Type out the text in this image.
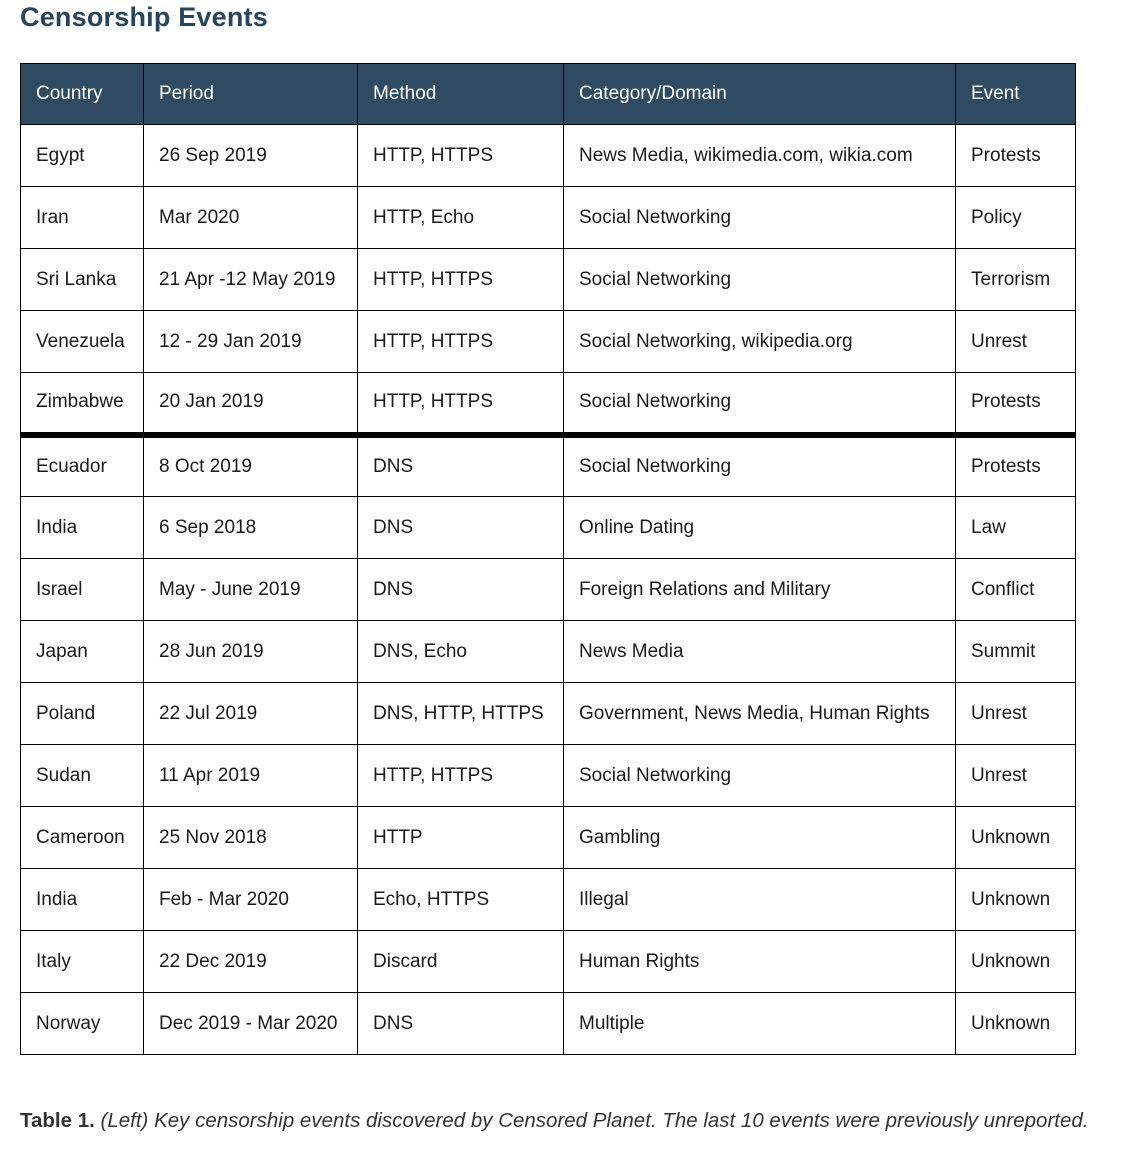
Censorship Events
Country	Period	Method	Category/Domain	Event
Egypt	26 Sep 2019	HTTP, HTTPS	News Media, wikimedia.com, wikia.com	Protests
Iran	Mar 2020	HTTP, Echo	Social Networking	Policy
Sri Lanka	21 Apr -12 May 2019	HTTP, HTTPS	Social Networking	Terrorism
Venezuela	12 - 29 Jan 2019	HTTP, HTTPS	Social Networking, wikipedia.org	Unrest
Zimbabwe	20 Jan 2019	HTTP, HTTPS	Social Networking	Protests
Ecuador	8 Oct 2019	DNS	Social Networking	Protests
India	6 Sep 2018	DNS	Online Dating	Law
Israel	May - June 2019	DNS	Foreign Relations and Military	Conflict
Japan	28 Jun 2019	DNS, Echo	News Media	Summit
Poland	22 Jul 2019	DNS, HTTP, HTTPS	Government, News Media, Human Rights	Unrest
Sudan	11 Apr 2019	HTTP, HTTPS	Social Networking	Unrest
Cameroon	25 Nov 2018	HTTP	Gambling	Unknown
India	Feb - Mar 2020	Echo, HTTPS	Illegal	Unknown
Italy	22 Dec 2019	Discard	Human Rights	Unknown
Norway	Dec 2019 - Mar 2020	DNS	Multiple	Unknown

Table 1. (Left) Key censorship events discovered by Censored Planet. The last 10 events were previously unreported.
